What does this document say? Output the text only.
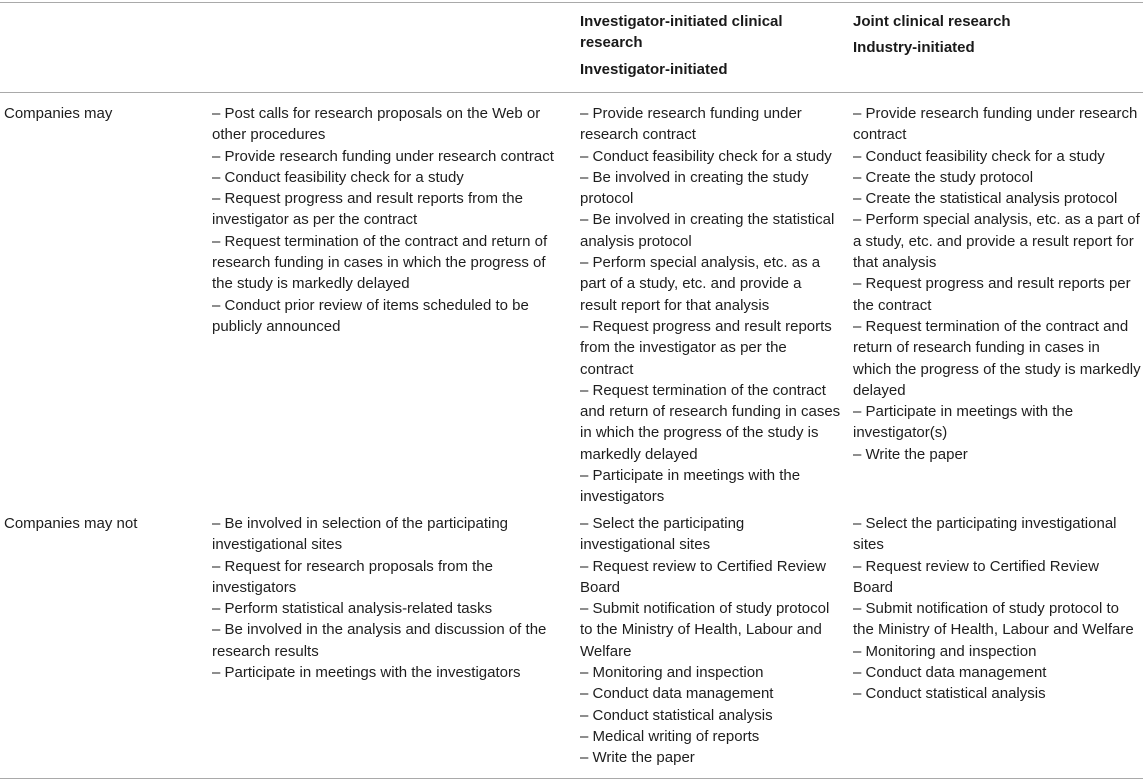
Investigator-initiated clinical research
Investigator-initiated
Joint clinical research
Industry-initiated
Companies may	– Post calls for research proposals on the Web or other procedures
– Provide research funding under research contract
– Conduct feasibility check for a study
– Request progress and result reports from the investigator as per the contract
– Request termination of the contract and return of research funding in cases in which the progress of the study is markedly delayed
– Conduct prior review of items scheduled to be publicly announced
– Provide research funding under research contract
– Conduct feasibility check for a study
– Be involved in creating the study protocol
– Be involved in creating the statistical analysis protocol
– Perform special analysis, etc. as a part of a study, etc. and provide a result report for that analysis
– Request progress and result reports from the investigator as per the contract
– Request termination of the contract and return of research funding in cases in which the progress of the study is markedly delayed
– Participate in meetings with the investigators
– Provide research funding under research contract
– Conduct feasibility check for a study
– Create the study protocol
– Create the statistical analysis protocol
– Perform special analysis, etc. as a part of a study, etc. and provide a result report for that analysis
– Request progress and result reports per the contract
– Request termination of the contract and return of research funding in cases in which the progress of the study is markedly delayed
– Participate in meetings with the investigator(s)
– Write the paper
Companies may not	– Be involved in selection of the participating investigational sites
– Request for research proposals from the investigators
– Perform statistical analysis-related tasks
– Be involved in the analysis and discussion of the research results
– Participate in meetings with the investigators
– Select the participating investigational sites
– Request review to Certified Review Board
– Submit notification of study protocol to the Ministry of Health, Labour and Welfare
– Monitoring and inspection
– Conduct data management
– Conduct statistical analysis
– Medical writing of reports
– Write the paper
– Select the participating investigational sites
– Request review to Certified Review Board
– Submit notification of study protocol to the Ministry of Health, Labour and Welfare
– Monitoring and inspection
– Conduct data management
– Conduct statistical analysis
